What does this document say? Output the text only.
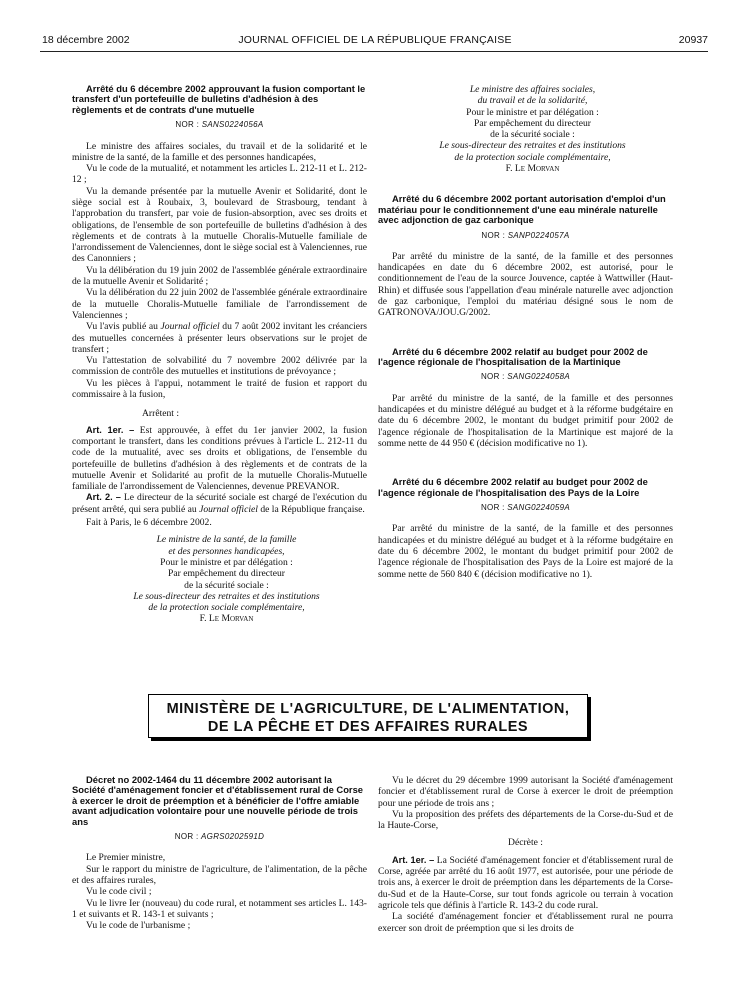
18 décembre 2002	JOURNAL OFFICIEL DE LA RÉPUBLIQUE FRANÇAISE	20937

Arrêté du 6 décembre 2002 approuvant la fusion comportant le transfert d'un portefeuille de bulletins d'adhésion à des règlements et de contrats d'une mutuelle

NOR : SANS0224056A

Le ministre des affaires sociales, du travail et de la solidarité et le ministre de la santé, de la famille et des personnes handicapées,

Vu le code de la mutualité, et notamment les articles L. 212-11 et L. 212-12 ;

Vu la demande présentée par la mutuelle Avenir et Solidarité, dont le siège social est à Roubaix, 3, boulevard de Strasbourg, tendant à l'approbation du transfert, par voie de fusion-absorption, avec ses droits et obligations, de l'ensemble de son portefeuille de bulletins d'adhésion à des règlements et de contrats à la mutuelle Choralis-Mutuelle familiale de l'arrondissement de Valenciennes, dont le siège social est à Valenciennes, rue des Canonniers ;

Vu la délibération du 19 juin 2002 de l'assemblée générale extraordinaire de la mutuelle Avenir et Solidarité ;

Vu la délibération du 22 juin 2002 de l'assemblée générale extraordinaire de la mutuelle Choralis-Mutuelle familiale de l'arrondissement de Valenciennes ;

Vu l'avis publié au Journal officiel du 7 août 2002 invitant les créanciers des mutuelles concernées à présenter leurs observations sur le projet de transfert ;

Vu l'attestation de solvabilité du 7 novembre 2002 délivrée par la commission de contrôle des mutuelles et institutions de prévoyance ;

Vu les pièces à l'appui, notamment le traité de fusion et rapport du commissaire à la fusion,

Arrêtent :

Art. 1er. – Est approuvée, à effet du 1er janvier 2002, la fusion comportant le transfert, dans les conditions prévues à l'article L. 212-11 du code de la mutualité, avec ses droits et obligations, de l'ensemble du portefeuille de bulletins d'adhésion à des règlements et de contrats de la mutuelle Avenir et Solidarité au profit de la mutuelle Choralis-Mutuelle familiale de l'arrondissement de Valenciennes, devenue PREVANOR.

Art. 2. – Le directeur de la sécurité sociale est chargé de l'exécution du présent arrêté, qui sera publié au Journal officiel de la République française.

Fait à Paris, le 6 décembre 2002.

Le ministre de la santé, de la famille

et des personnes handicapées,

Pour le ministre et par délégation :

Par empêchement du directeur

de la sécurité sociale :

Le sous-directeur des retraites et des institutions

de la protection sociale complémentaire,

F. Le Morvan

Le ministre des affaires sociales,

du travail et de la solidarité,

Pour le ministre et par délégation :

Par empêchement du directeur

de la sécurité sociale :

Le sous-directeur des retraites et des institutions

de la protection sociale complémentaire,

F. Le Morvan

Arrêté du 6 décembre 2002 portant autorisation d'emploi d'un matériau pour le conditionnement d'une eau minérale naturelle avec adjonction de gaz carbonique

NOR : SANP0224057A

Par arrêté du ministre de la santé, de la famille et des personnes handicapées en date du 6 décembre 2002, est autorisé, pour le conditionnement de l'eau de la source Jouvence, captée à Wattwiller (Haut-Rhin) et diffusée sous l'appellation d'eau minérale naturelle avec adjonction de gaz carbonique, l'emploi du matériau désigné sous le nom de GATRONOVA/JOU.G/2002.

Arrêté du 6 décembre 2002 relatif au budget pour 2002 de l'agence régionale de l'hospitalisation de la Martinique

NOR : SANG0224058A

Par arrêté du ministre de la santé, de la famille et des personnes handicapées et du ministre délégué au budget et à la réforme budgétaire en date du 6 décembre 2002, le montant du budget primitif pour 2002 de l'agence régionale de l'hospitalisation de la Martinique est majoré de la somme nette de 44 950 € (décision modificative no 1).

Arrêté du 6 décembre 2002 relatif au budget pour 2002 de l'agence régionale de l'hospitalisation des Pays de la Loire

NOR : SANG0224059A

Par arrêté du ministre de la santé, de la famille et des personnes handicapées et du ministre délégué au budget et à la réforme budgétaire en date du 6 décembre 2002, le montant du budget primitif pour 2002 de l'agence régionale de l'hospitalisation des Pays de la Loire est majoré de la somme nette de 560 840 € (décision modificative no 1).

MINISTÈRE DE L'AGRICULTURE, DE L'ALIMENTATION,
DE LA PÊCHE ET DES AFFAIRES RURALES

Décret no 2002-1464 du 11 décembre 2002 autorisant la Société d'aménagement foncier et d'établissement rural de Corse à exercer le droit de préemption et à bénéficier de l'offre amiable avant adjudication volontaire pour une nouvelle période de trois ans

NOR : AGRS0202591D

Le Premier ministre,

Sur le rapport du ministre de l'agriculture, de l'alimentation, de la pêche et des affaires rurales,

Vu le code civil ;

Vu le livre Ier (nouveau) du code rural, et notamment ses articles L. 143-1 et suivants et R. 143-1 et suivants ;

Vu le code de l'urbanisme ;

Vu le décret du 29 décembre 1999 autorisant la Société d'aménagement foncier et d'établissement rural de Corse à exercer le droit de préemption pour une période de trois ans ;

Vu la proposition des préfets des départements de la Corse-du-Sud et de la Haute-Corse,

Décrète :

Art. 1er. – La Société d'aménagement foncier et d'établissement rural de Corse, agréée par arrêté du 16 août 1977, est autorisée, pour une période de trois ans, à exercer le droit de préemption dans les départements de la Corse-du-Sud et de la Haute-Corse, sur tout fonds agricole ou terrain à vocation agricole tels que définis à l'article R. 143-2 du code rural.

La société d'aménagement foncier et d'établissement rural ne pourra exercer son droit de préemption que si les droits de
